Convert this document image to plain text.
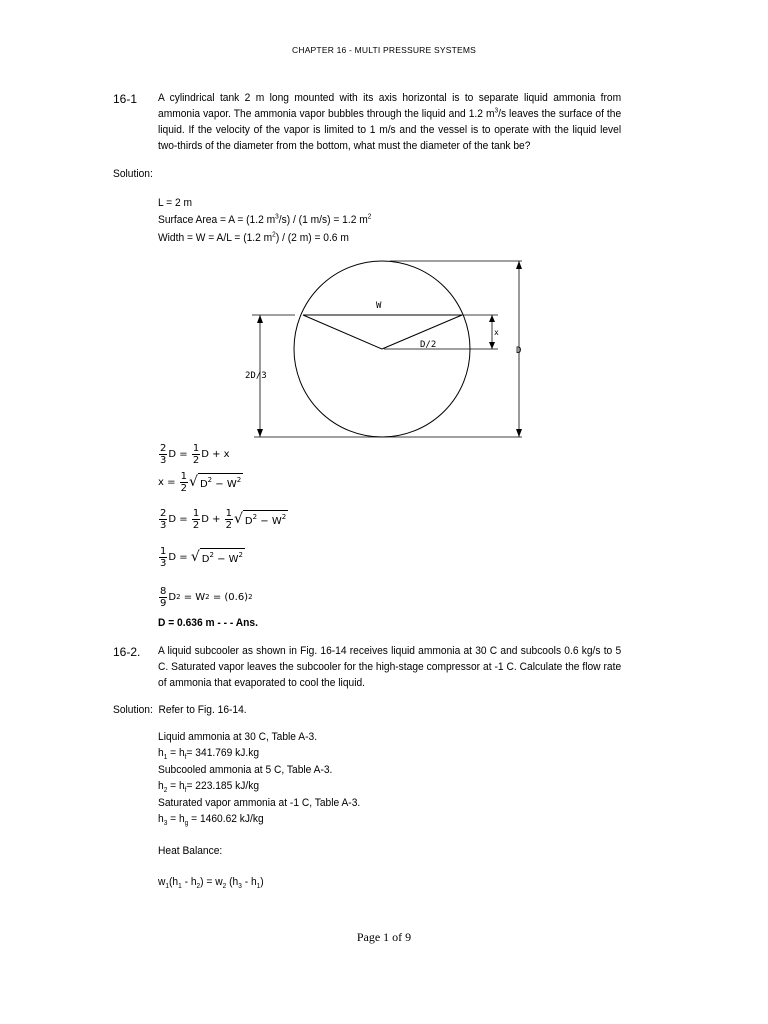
CHAPTER 16 - MULTI PRESSURE SYSTEMS
16-1 A cylindrical tank 2 m long mounted with its axis horizontal is to separate liquid ammonia from ammonia vapor. The ammonia vapor bubbles through the liquid and 1.2 $m^3/s$ leaves the surface of the liquid. If the velocity of the vapor is limited to 1 m/s and the vessel is to operate with the liquid level two-thirds of the diameter from the bottom, what must the diameter of the tank be?
Solution:
L = 2 m
Surface Area = A = (1.2 $m^3/s) / (1$ m/s) = 1.2 $m^2$
Width = W = A/L = (1.2 $m^2) / (2$ m) = 0.6 m
2D/3
D
x
W
D/2
$\frac{2}{3}$ $D = \frac{1}{2}$ D + x
$x = \frac{1}{2}$ √ $D^2 - W^2$
$\frac{2}{3}$ $D = \frac{1}{2}$ $D + \frac{1}{2}$ √ $D^2 - W^2$
$\frac{1}{3}$ D = √ $D^2 - W^2$
$\frac{8}{9}$ D 2 = W 2 = (0.6) 2
D = 0.636 m - - - Ans.
16-2. A liquid subcooler as shown in Fig. 16-14 receives liquid ammonia at 30 C and subcools 0.6 kg/s to 5 C. Saturated vapor leaves the subcooler for the high-stage compressor at -1 C. Calculate the flow rate of ammonia that evaporated to cool the liquid.
Solution: Refer to Fig. 16-14.
Liquid ammonia at 30 C, Table A-3.
$h_1 = h_f= 341.769$ kJ.kg
Subcooled ammonia at 5 C, Table A-3.
$h_2 = h_f= 223.185$ kJ/kg
Saturated vapor ammonia at -1 C, Table A-3.
$h_3 = h_g = 1460.62$ kJ/kg
Heat Balance:
$w_1(h_1 - h_2) = w_2$ $(h_3 - h_1)$
Page 1 of 9
